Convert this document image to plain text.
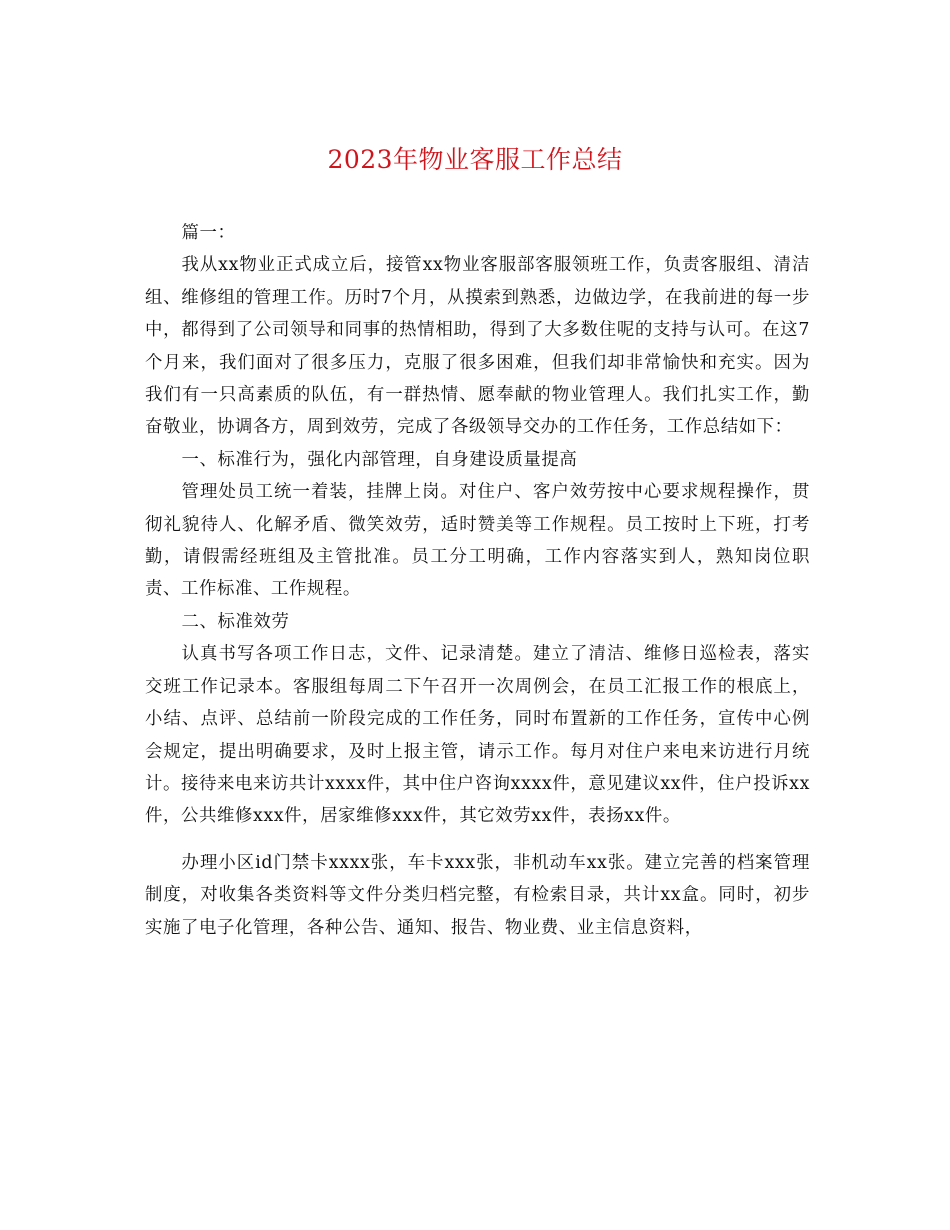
2023年物业客服工作总结

篇一：

我从xx物业正式成立后，接管xx物业客服部客服领班工作，负责客服组、清洁组、维修组的管理工作。历时7个月，从摸索到熟悉，边做边学，在我前进的每一步中，都得到了公司领导和同事的热情相助，得到了大多数住呢的支持与认可。在这7个月来，我们面对了很多压力，克服了很多困难，但我们却非常愉快和充实。因为我们有一只高素质的队伍，有一群热情、愿奉献的物业管理人。我们扎实工作，勤奋敬业，协调各方，周到效劳，完成了各级领导交办的工作任务，工作总结如下：

一、标准行为，强化内部管理，自身建设质量提高

管理处员工统一着装，挂牌上岗。对住户、客户效劳按中心要求规程操作，贯彻礼貌待人、化解矛盾、微笑效劳，适时赞美等工作规程。员工按时上下班，打考勤，请假需经班组及主管批准。员工分工明确，工作内容落实到人，熟知岗位职责、工作标准、工作规程。

二、标准效劳

认真书写各项工作日志，文件、记录清楚。建立了清洁、维修日巡检表，落实交班工作记录本。客服组每周二下午召开一次周例会，在员工汇报工作的根底上，小结、点评、总结前一阶段完成的工作任务，同时布置新的工作任务，宣传中心例会规定，提出明确要求，及时上报主管，请示工作。每月对住户来电来访进行月统计。接待来电来访共计xxxx件，其中住户咨询xxxx件，意见建议xx件，住户投诉xx件，公共维修xxx件，居家维修xxx件，其它效劳xx件，表扬xx件。

办理小区id门禁卡xxxx张，车卡xxx张，非机动车xx张。建立完善的档案管理制度，对收集各类资料等文件分类归档完整，有检索目录，共计xx盒。同时，初步实施了电子化管理，各种公告、通知、报告、物业费、业主信息资料，
